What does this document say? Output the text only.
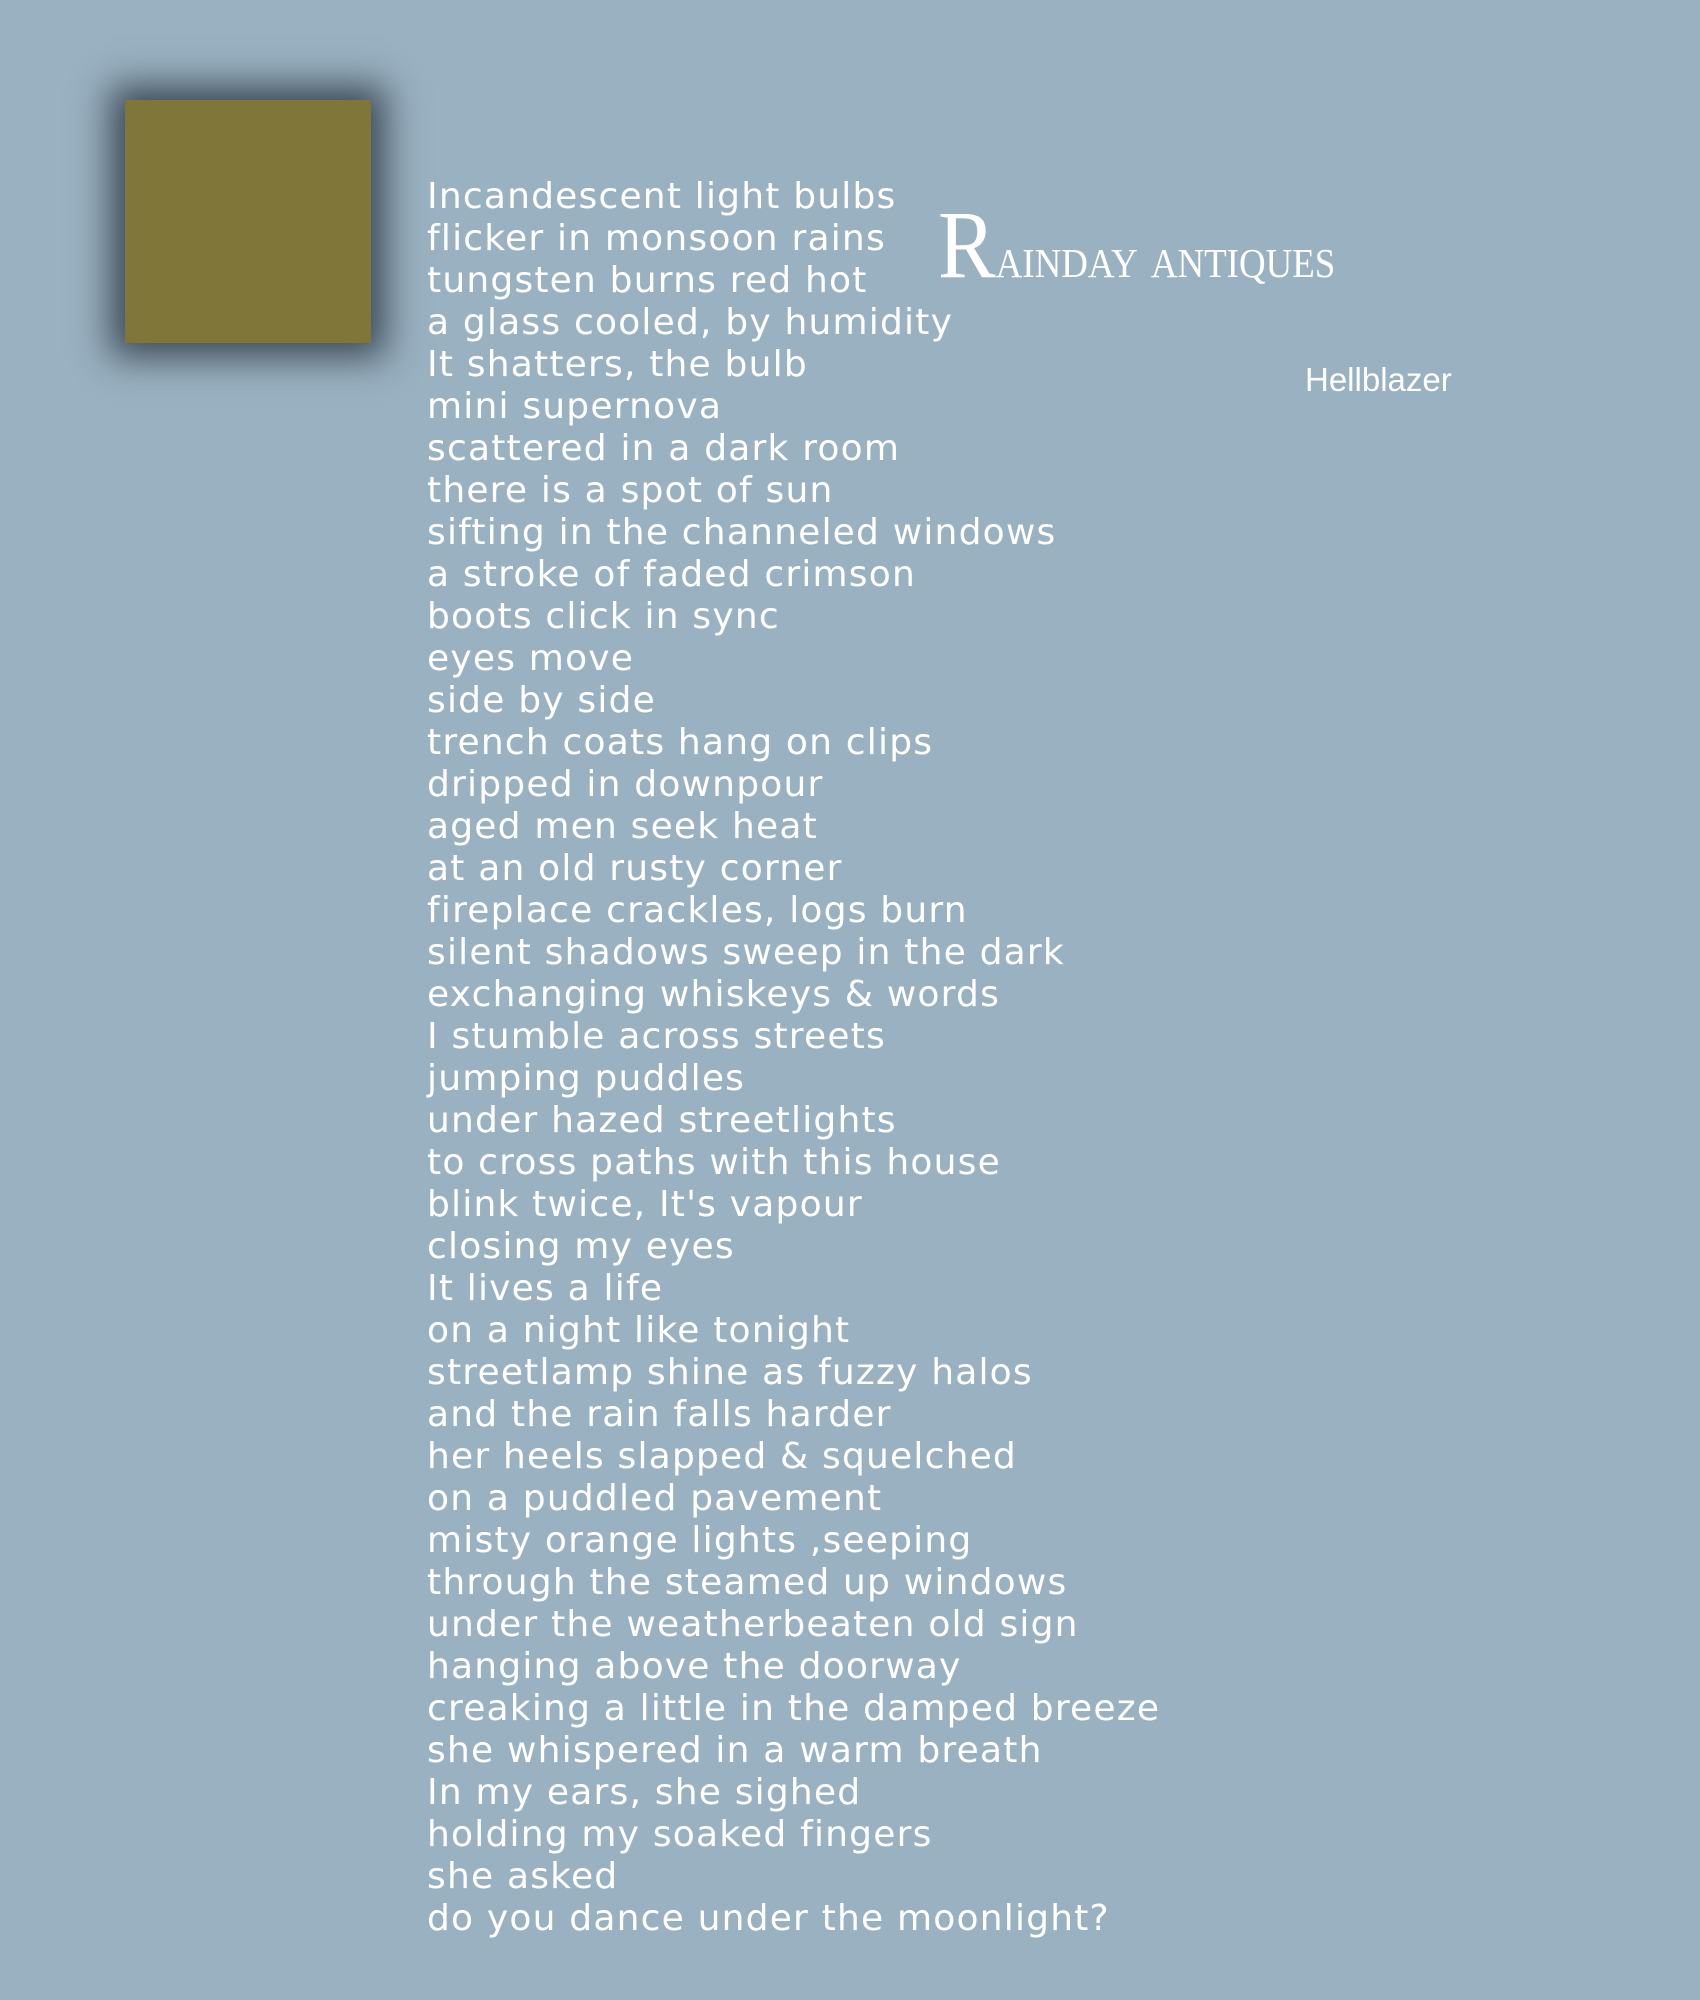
Rainday antiques
Hellblazer
Incandescent light bulbs
flicker in monsoon rains
tungsten burns red hot
a glass cooled, by humidity
It shatters, the bulb
mini supernova
scattered in a dark room
there is a spot of sun
sifting in the channeled windows
a stroke of faded crimson
boots click in sync
eyes move
side by side
trench coats hang on clips
dripped in downpour
aged men seek heat
at an old rusty corner
fireplace crackles, logs burn
silent shadows sweep in the dark
exchanging whiskeys & words
I stumble across streets
jumping puddles
under hazed streetlights
to cross paths with this house
blink twice, It's vapour
closing my eyes
It lives a life
on a night like tonight
streetlamp shine as fuzzy halos
and the rain falls harder
her heels slapped & squelched
on a puddled pavement
misty orange lights ,seeping
through the steamed up windows
under the weatherbeaten old sign
hanging above the doorway
creaking a little in the damped breeze
she whispered in a warm breath
In my ears, she sighed
holding my soaked fingers
she asked
do you dance under the moonlight?
